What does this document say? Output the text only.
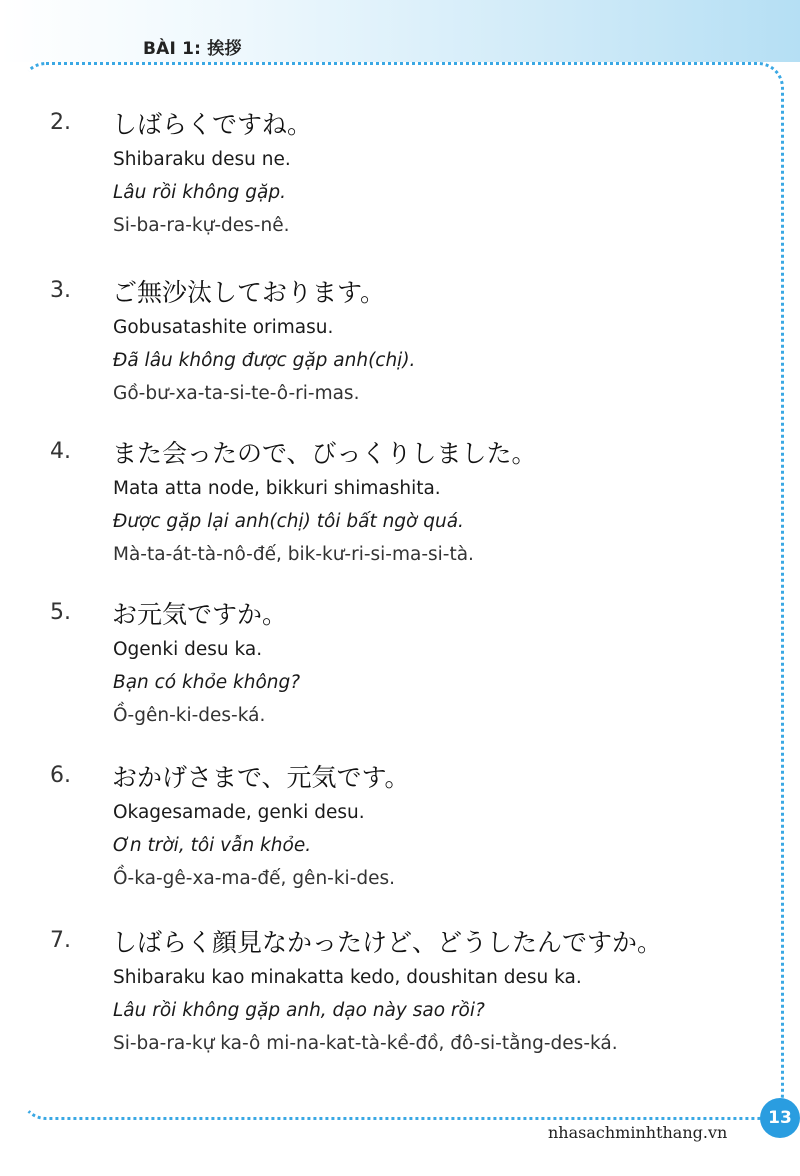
BÀI 1: 挨拶
2. しばらくですね。
Shibaraku desu ne.
Lâu rồi không gặp.
Si-ba-ra-kự-des-nê.
3. ご無沙汰しております。
Gobusatashite orimasu.
Đã lâu không được gặp anh(chị).
Gồ-bư-xa-ta-si-te-ô-ri-mas.
4. また会ったので、びっくりしました。
Mata atta node, bikkuri shimashita.
Được gặp lại anh(chị) tôi bất ngờ quá.
Mà-ta-át-tà-nô-đế, bik-kư-ri-si-ma-si-tà.
5. お元気ですか。
Ogenki desu ka.
Bạn có khỏe không?
Ồ-gên-ki-des-ká.
6. おかげさまで、元気です。
Okagesamade, genki desu.
Ơn trời, tôi vẫn khỏe.
Ồ-ka-gê-xa-ma-đế, gên-ki-des.
7. しばらく顔見なかったけど、どうしたんですか。
Shibaraku kao minakatta kedo, doushitan desu ka.
Lâu rồi không gặp anh, dạo này sao rồi?
Si-ba-ra-kự ka-ô mi-na-kat-tà-kề-đồ, đô-si-tằng-des-ká.
nhasachminhthang.vn
13
